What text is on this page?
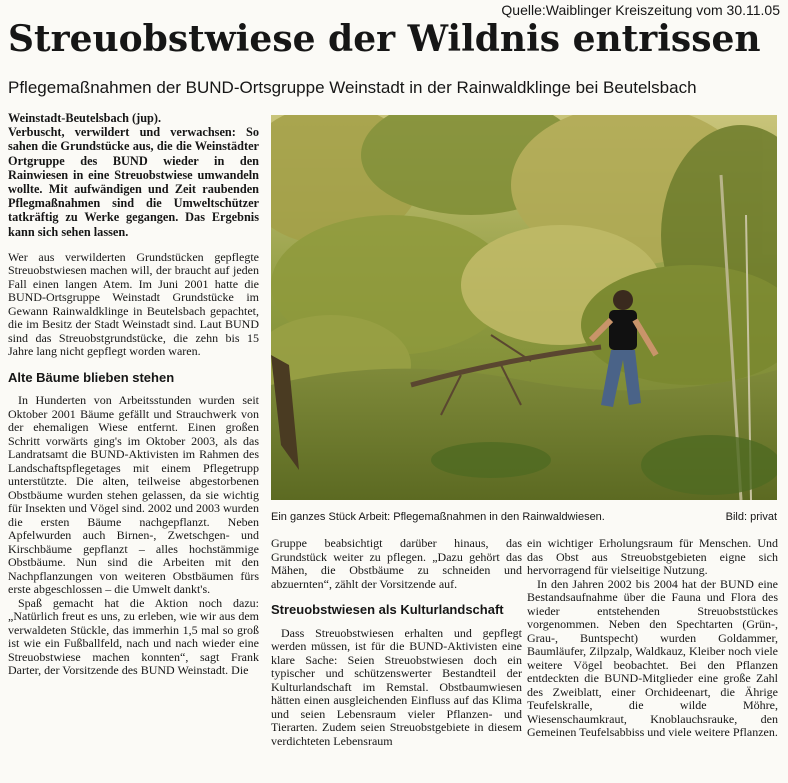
Quelle:Waiblinger Kreiszeitung vom 30.11.05
Streuobstwiese der Wildnis entrissen
Pflegemaßnahmen der BUND-Ortsgruppe Weinstadt in der Rainwaldklinge bei Beutelsbach

Weinstadt-Beutelsbach (jup).
Verbuscht, verwildert und verwachsen: So sahen die Grundstücke aus, die die Weinstädter Ortgruppe des BUND wieder in den Rainwiesen in eine Streuobstwiese umwandeln wollte. Mit aufwändigen und Zeit raubenden Pflegmaßnahmen sind die Umweltschützer tatkräftig zu Werke gegangen. Das Ergebnis kann sich sehen lassen.

Wer aus verwilderten Grundstücken gepflegte Streuobstwiesen machen will, der braucht auf jeden Fall einen langen Atem. Im Juni 2001 hatte die BUND-Ortsgruppe Weinstadt Grundstücke im Gewann Rainwaldklinge in Beutelsbach gepachtet, die im Besitz der Stadt Weinstadt sind. Laut BUND sind das Streuobstgrundstücke, die zehn bis 15 Jahre lang nicht gepflegt worden waren.

Alte Bäume blieben stehen

In Hunderten von Arbeitsstunden wurden seit Oktober 2001 Bäume gefällt und Strauchwerk von der ehemaligen Wiese entfernt. Einen großen Schritt vorwärts ging's im Oktober 2003, als das Landratsamt die BUND-Aktivisten im Rahmen des Landschaftspflegetages mit einem Pflegetrupp unterstützte. Die alten, teilweise abgestorbenen Obstbäume wurden stehen gelassen, da sie wichtig für Insekten und Vögel sind. 2002 und 2003 wurden die ersten Bäume nachgepflanzt. Neben Apfelwurden auch Birnen-, Zwetschgen- und Kirschbäume gepflanzt – alles hochstämmige Obstbäume. Nun sind die Arbeiten mit den Nachpflanzungen von weiteren Obstbäumen fürs erste abgeschlossen – die Umwelt dankt's.

Spaß gemacht hat die Aktion noch dazu: „Natürlich freut es uns, zu erleben, wie wir aus dem verwaldeten Stückle, das immerhin 1,5 mal so groß ist wie ein Fußballfeld, nach und nach wieder eine Streuobstwiese machen konnten“, sagt Frank Darter, der Vorsitzende des BUND Weinstadt. Die

Ein ganzes Stück Arbeit: Pflegemaßnahmen in den Rainwaldwiesen.	Bild: privat

Gruppe beabsichtigt darüber hinaus, das Grundstück weiter zu pflegen. „Dazu gehört das Mähen, die Obstbäume zu schneiden und abzuernten“, zählt der Vorsitzende auf.

Streuobstwiesen als Kulturlandschaft

Dass Streuobstwiesen erhalten und gepflegt werden müssen, ist für die BUND-Aktivisten eine klare Sache: Seien Streuobstwiesen doch ein typischer und schützenswerter Bestandteil der Kulturlandschaft im Remstal. Obstbaumwiesen hätten einen ausgleichenden Einfluss auf das Klima und seien Lebensraum vieler Pflanzen- und Tierarten. Zudem seien Streuobstgebiete in diesem verdichteten Lebensraum

ein wichtiger Erholungsraum für Menschen. Und das Obst aus Streuobstgebieten eigne sich hervorragend für vielseitige Nutzung.

In den Jahren 2002 bis 2004 hat der BUND eine Bestandsaufnahme über die Fauna und Flora des wieder entstehenden Streuobststückes vorgenommen. Neben den Spechtarten (Grün-, Grau-, Buntspecht) wurden Goldammer, Baumläufer, Zilpzalp, Waldkauz, Kleiber noch viele weitere Vögel beobachtet. Bei den Pflanzen entdeckten die BUND-Mitglieder eine große Zahl des Zweiblatt, einer Orchideenart, die Ährige Teufelskralle, die wilde Möhre, Wiesenschaumkraut, Knoblauchsrauke, den Gemeinen Teufelsabbiss und viele weitere Pflanzen.
